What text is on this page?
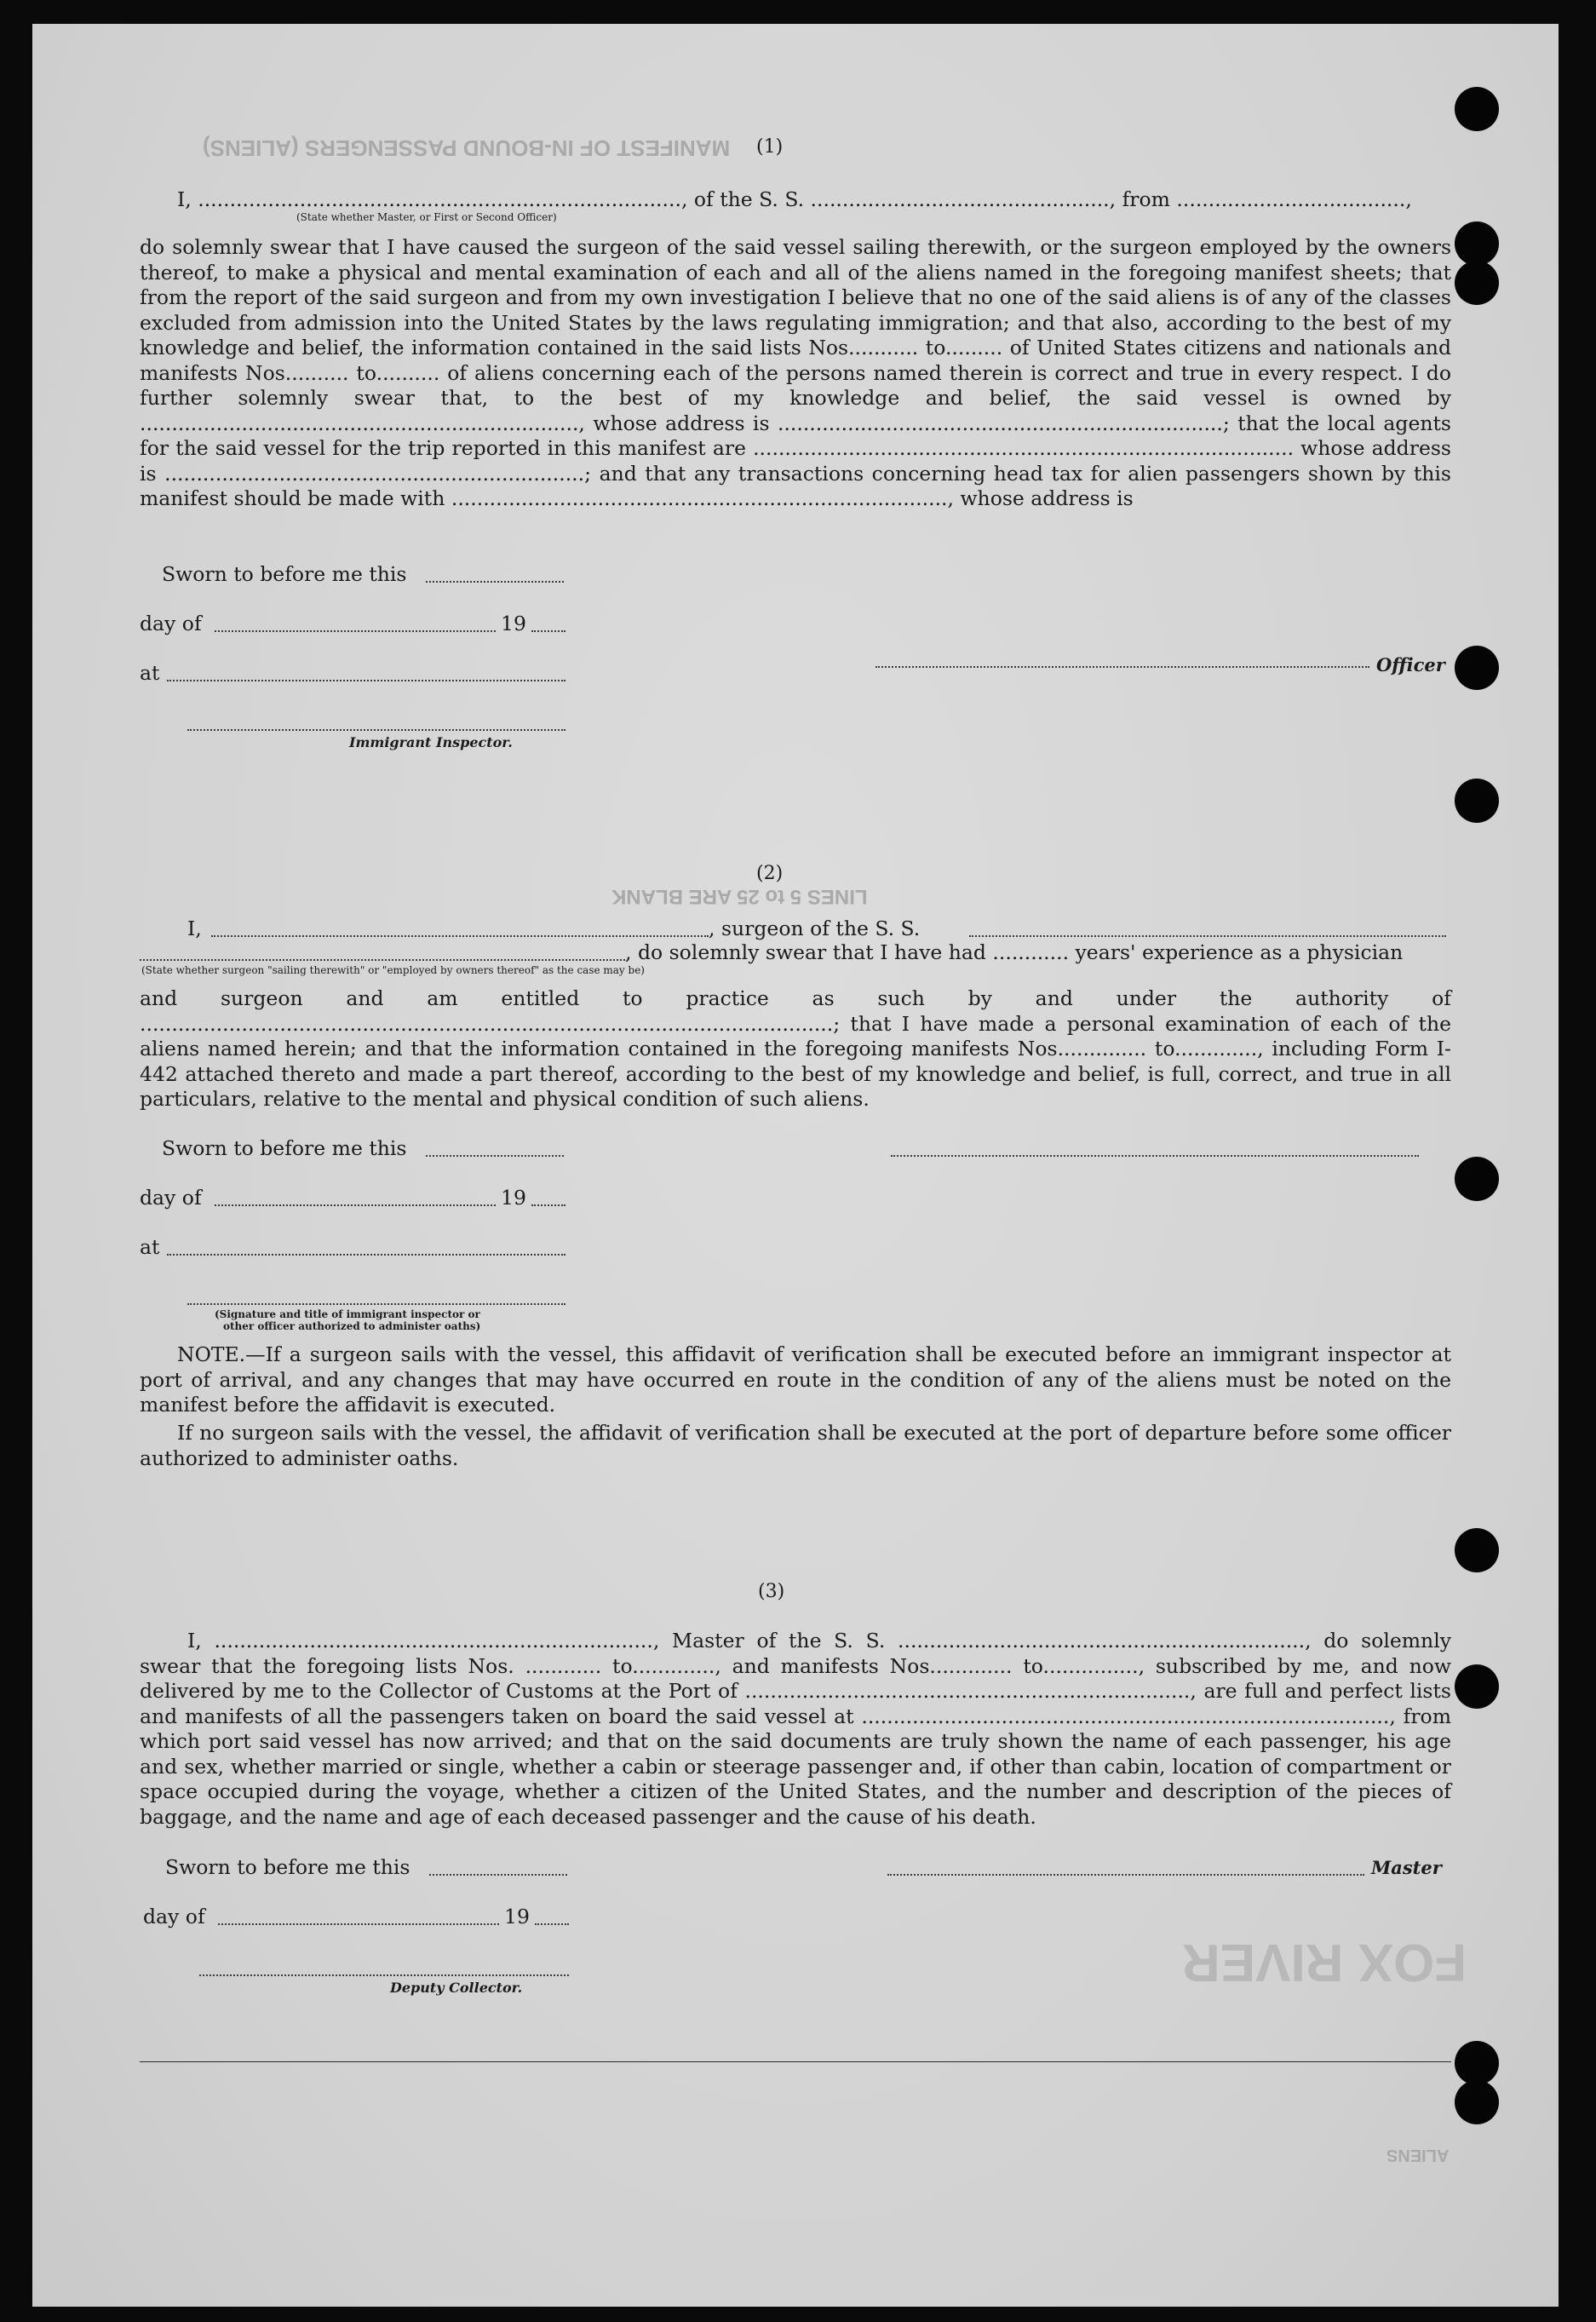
MANIFEST OF IN-BOUND PASSENGERS (ALIENS)
LINES 5 to 25 ARE BLANK
FOX RIVER
ALIENS
(1)
I, ............................................................................, of the S. S. ..............................................., from ....................................,
(State whether Master, or First or Second Officer)
do solemnly swear that I have caused the surgeon of the said vessel sailing therewith, or the surgeon employed by the owners thereof, to make a physical and mental examination of each and all of the aliens named in the foregoing manifest sheets; that from the report of the said surgeon and from my own investigation I believe that no one of the said aliens is of any of the classes excluded from admission into the United States by the laws regulating immigration; and that also, according to the best of my knowledge and belief, the information contained in the said lists Nos........... to......... of United States citizens and nationals and manifests Nos.......... to.......... of aliens concerning each of the persons named therein is correct and true in every respect. I do further solemnly swear that, to the best of my knowledge and belief, the said vessel is owned by ....................................................................., whose address is ......................................................................; that the local agents for the said vessel for the trip reported in this manifest are ..................................................................................... whose address is ..................................................................; and that any transactions concerning head tax for alien passengers shown by this manifest should be made with .............................................................................., whose address is
Sworn to before me this
day of	19
at	Officer
Immigrant Inspector.
(2)
I,	, surgeon of the S. S.
, do solemnly swear that I have had ............ years' experience as a physician
(State whether surgeon "sailing therewith" or "employed by owners thereof" as the case may be)
and surgeon and am entitled to practice as such by and under the authority of .............................................................................................................; that I have made a personal examination of each of the aliens named herein; and that the information contained in the foregoing manifests Nos.............. to............., including Form I-442 attached thereto and made a part thereof, according to the best of my knowledge and belief, is full, correct, and true in all particulars, relative to the mental and physical condition of such aliens.
Sworn to before me this
day of	19
at
(Signature and title of immigrant inspector or
other officer authorized to administer oaths)
NOTE.—If a surgeon sails with the vessel, this affidavit of verification shall be executed before an immigrant inspector at port of arrival, and any changes that may have occurred en route in the condition of any of the aliens must be noted on the manifest before the affidavit is executed.
If no surgeon sails with the vessel, the affidavit of verification shall be executed at the port of departure before some officer authorized to administer oaths.
(3)
I, ....................................................................., Master of the S. S. ................................................................, do solemnly swear that the foregoing lists Nos. ............ to............., and manifests Nos............. to..............., subscribed by me, and now delivered by me to the Collector of Customs at the Port of ......................................................................, are full and perfect lists and manifests of all the passengers taken on board the said vessel at ..................................................................................., from which port said vessel has now arrived; and that on the said documents are truly shown the name of each passenger, his age and sex, whether married or single, whether a cabin or steerage passenger and, if other than cabin, location of compartment or space occupied during the voyage, whether a citizen of the United States, and the number and description of the pieces of baggage, and the name and age of each deceased passenger and the cause of his death.
Sworn to before me this	Master
day of	19
Deputy Collector.
